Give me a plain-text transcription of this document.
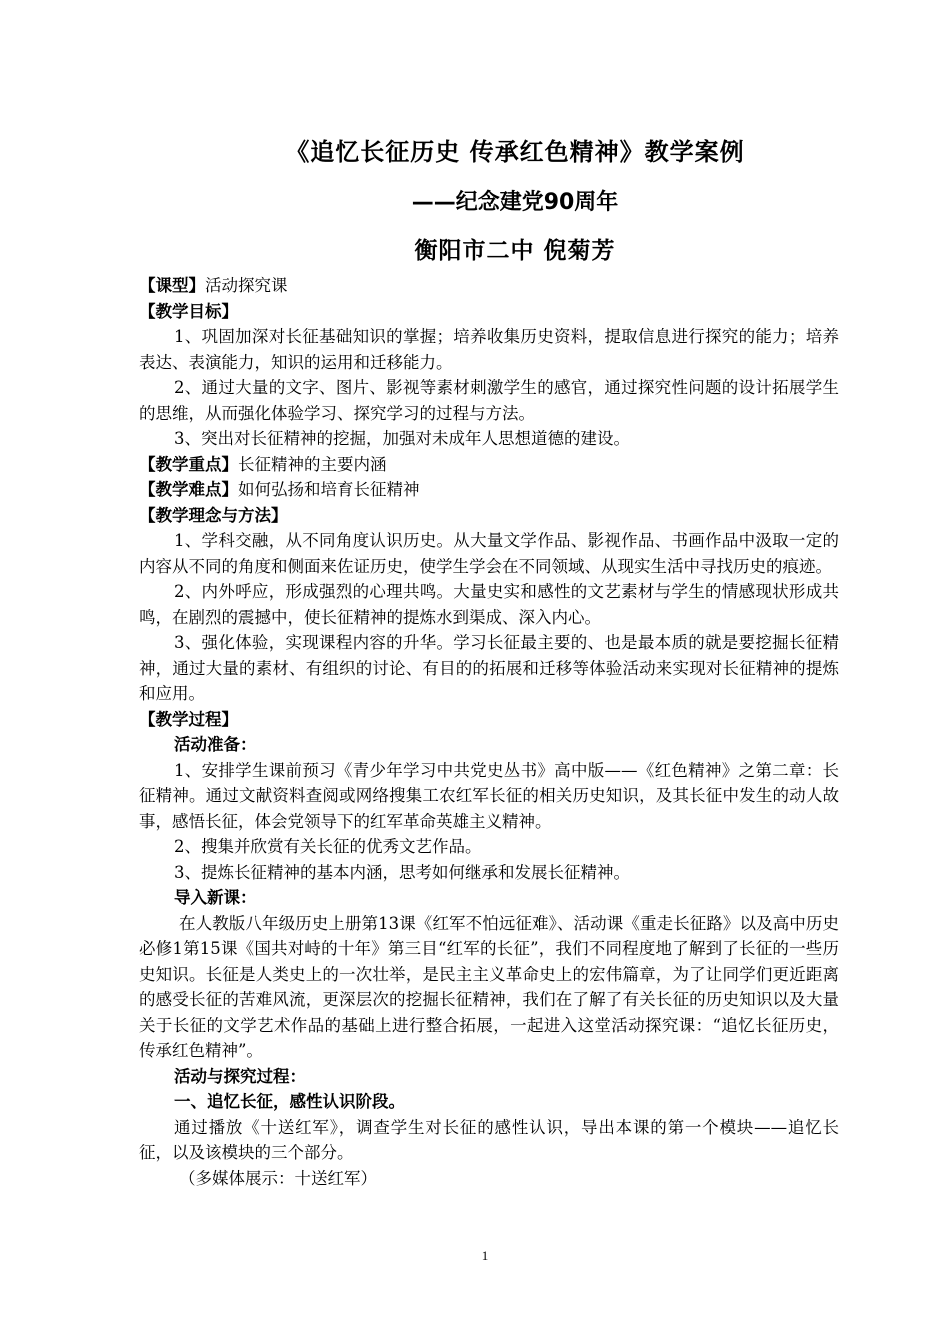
《追忆长征历史 传承红色精神》教学案例
——纪念建党90周年
衡阳市二中 倪菊芳

【课型】活动探究课

【教学目标】

1、巩固加深对长征基础知识的掌握；培养收集历史资料，提取信息进行探究的能力；培养表达、表演能力，知识的运用和迁移能力。

2、通过大量的文字、图片、影视等素材刺激学生的感官，通过探究性问题的设计拓展学生的思维，从而强化体验学习、探究学习的过程与方法。

3、突出对长征精神的挖掘，加强对未成年人思想道德的建设。

【教学重点】长征精神的主要内涵

【教学难点】如何弘扬和培育长征精神

【教学理念与方法】

1、学科交融，从不同角度认识历史。从大量文学作品、影视作品、书画作品中汲取一定的内容从不同的角度和侧面来佐证历史，使学生学会在不同领域、从现实生活中寻找历史的痕迹。

2、内外呼应，形成强烈的心理共鸣。大量史实和感性的文艺素材与学生的情感现状形成共鸣，在剧烈的震撼中，使长征精神的提炼水到渠成、深入内心。

3、强化体验，实现课程内容的升华。学习长征最主要的、也是最本质的就是要挖掘长征精神，通过大量的素材、有组织的讨论、有目的的拓展和迁移等体验活动来实现对长征精神的提炼和应用。

【教学过程】

活动准备：

1、安排学生课前预习《青少年学习中共党史丛书》高中版——《红色精神》之第二章：长征精神。通过文献资料查阅或网络搜集工农红军长征的相关历史知识，及其长征中发生的动人故事，感悟长征，体会党领导下的红军革命英雄主义精神。

2、搜集并欣赏有关长征的优秀文艺作品。

3、提炼长征精神的基本内涵，思考如何继承和发展长征精神。

导入新课：

在人教版八年级历史上册第13课《红军不怕远征难》、活动课《重走长征路》以及高中历史必修1第15课《国共对峙的十年》第三目“红军的长征”，我们不同程度地了解到了长征的一些历史知识。长征是人类史上的一次壮举，是民主主义革命史上的宏伟篇章，为了让同学们更近距离的感受长征的苦难风流，更深层次的挖掘长征精神，我们在了解了有关长征的历史知识以及大量关于长征的文学艺术作品的基础上进行整合拓展，一起进入这堂活动探究课：“追忆长征历史，传承红色精神”。

活动与探究过程：

一、追忆长征，感性认识阶段。

通过播放《十送红军》，调查学生对长征的感性认识，导出本课的第一个模块——追忆长征，以及该模块的三个部分。

（多媒体展示：十送红军）

1
